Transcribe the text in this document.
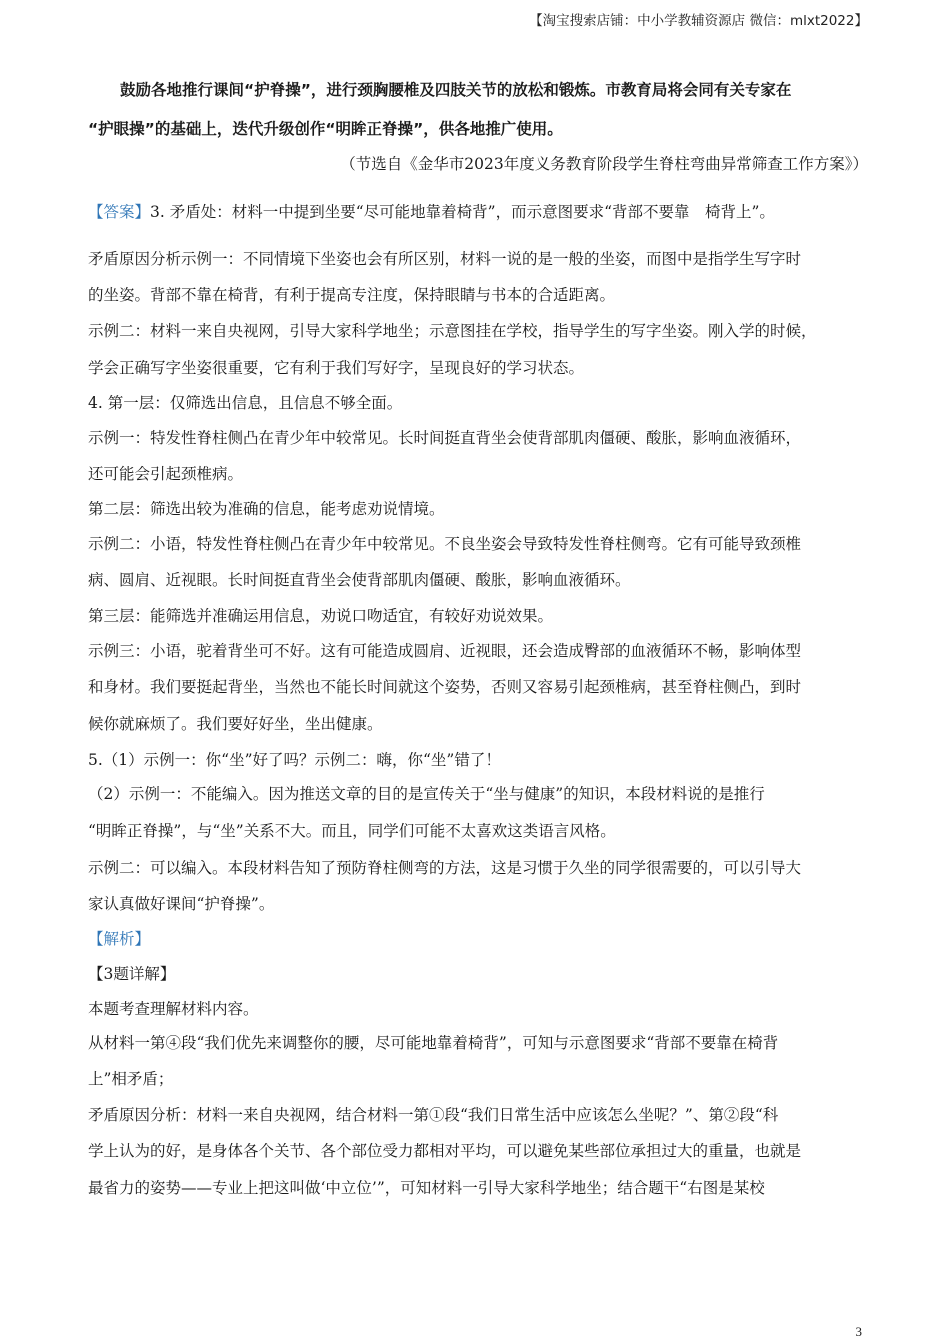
【淘宝搜索店铺：中小学教辅资源店 微信：mlxt2022】
鼓励各地推行课间“护脊操”，进行颈胸腰椎及四肢关节的放松和锻炼。市教育局将会同有关专家在
“护眼操”的基础上，迭代升级创作“明眸正脊操”，供各地推广使用。
（节选自《金华市2023年度义务教育阶段学生脊柱弯曲异常筛查工作方案》）
【答案】3. 矛盾处：材料一中提到坐要“尽可能地靠着椅背”，而示意图要求“背部不要靠　椅背上”。
矛盾原因分析示例一：不同情境下坐姿也会有所区别，材料一说的是一般的坐姿，而图中是指学生写字时
的坐姿。背部不靠在椅背，有利于提高专注度，保持眼睛与书本的合适距离。
示例二：材料一来自央视网，引导大家科学地坐；示意图挂在学校，指导学生的写字坐姿。刚入学的时候，
学会正确写字坐姿很重要，它有利于我们写好字，呈现良好的学习状态。
4. 第一层：仅筛选出信息，且信息不够全面。
示例一：特发性脊柱侧凸在青少年中较常见。长时间挺直背坐会使背部肌肉僵硬、酸胀，影响血液循环，
还可能会引起颈椎病。
第二层：筛选出较为准确的信息，能考虑劝说情境。
示例二：小语，特发性脊柱侧凸在青少年中较常见。不良坐姿会导致特发性脊柱侧弯。它有可能导致颈椎
病、圆肩、近视眼。长时间挺直背坐会使背部肌肉僵硬、酸胀，影响血液循环。
第三层：能筛选并准确运用信息，劝说口吻适宜，有较好劝说效果。
示例三：小语，驼着背坐可不好。这有可能造成圆肩、近视眼，还会造成臀部的血液循环不畅，影响体型
和身材。我们要挺起背坐，当然也不能长时间就这个姿势，否则又容易引起颈椎病，甚至脊柱侧凸，到时
候你就麻烦了。我们要好好坐，坐出健康。
5.（1）示例一：你“坐”好了吗？示例二：嗨，你“坐”错了！
（2）示例一：不能编入。因为推送文章的目的是宣传关于“坐与健康”的知识，本段材料说的是推行
“明眸正脊操”，与“坐”关系不大。而且，同学们可能不太喜欢这类语言风格。
示例二：可以编入。本段材料告知了预防脊柱侧弯的方法，这是习惯于久坐的同学很需要的，可以引导大
家认真做好课间“护脊操”。
【解析】
【3题详解】
本题考查理解材料内容。
从材料一第④段“我们优先来调整你的腰，尽可能地靠着椅背”，可知与示意图要求“背部不要靠在椅背
上”相矛盾；
矛盾原因分析：材料一来自央视网，结合材料一第①段“我们日常生活中应该怎么坐呢？”、第②段“科
学上认为的好，是身体各个关节、各个部位受力都相对平均，可以避免某些部位承担过大的重量，也就是
最省力的姿势——专业上把这叫做‘中立位’”，可知材料一引导大家科学地坐；结合题干“右图是某校
3
